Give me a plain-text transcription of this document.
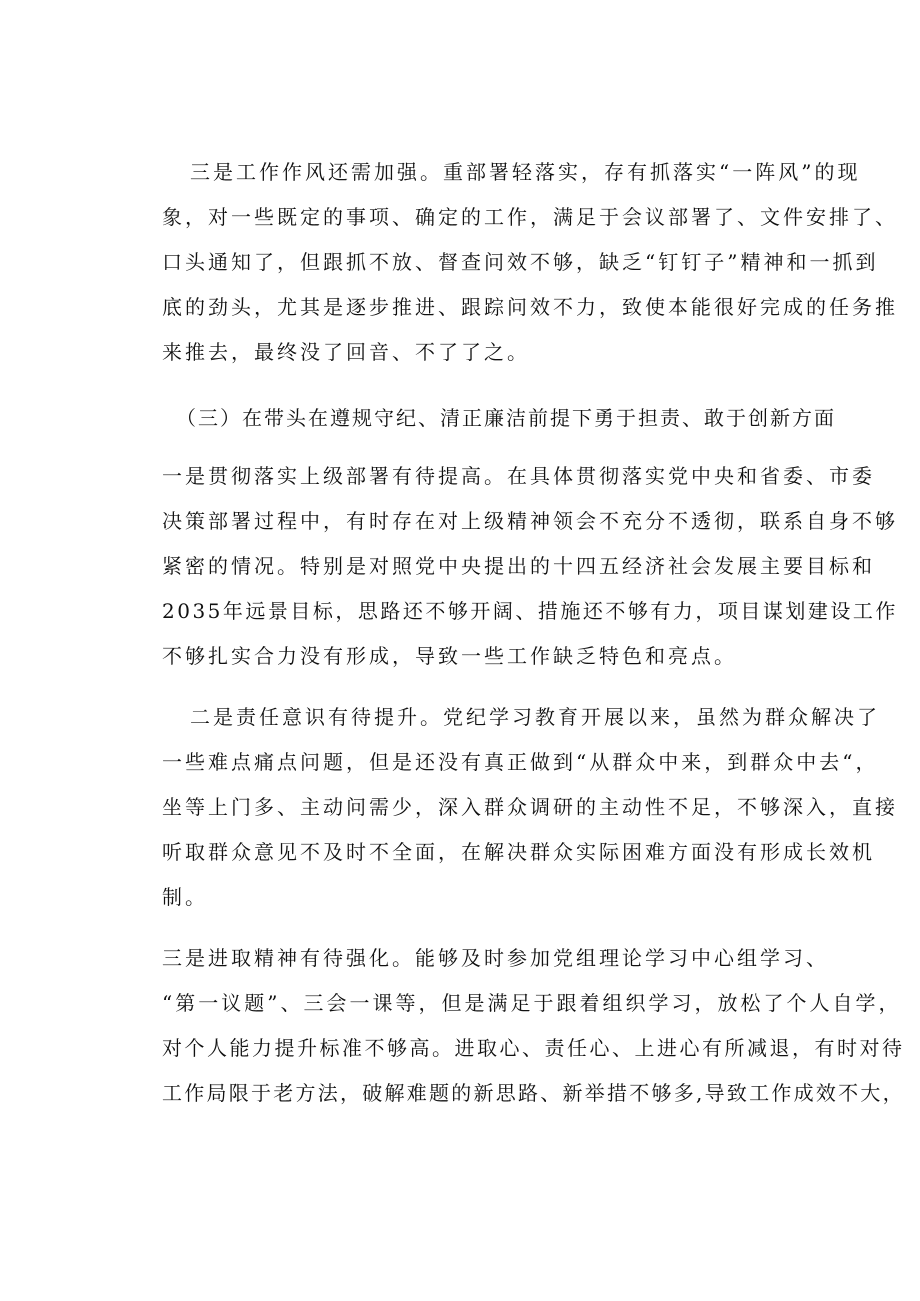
三是工作作风还需加强。重部署轻落实，存有抓落实“一阵风”的现
象，对一些既定的事项、确定的工作，满足于会议部署了、文件安排了、
口头通知了，但跟抓不放、督查问效不够，缺乏“钉钉子”精神和一抓到
底的劲头，尤其是逐步推进、跟踪问效不力，致使本能很好完成的任务推
来推去，最终没了回音、不了了之。
（三）在带头在遵规守纪、清正廉洁前提下勇于担责、敢于创新方面
一是贯彻落实上级部署有待提高。在具体贯彻落实党中央和省委、市委
决策部署过程中，有时存在对上级精神领会不充分不透彻，联系自身不够
紧密的情况。特别是对照党中央提出的十四五经济社会发展主要目标和
2035年远景目标，思路还不够开阔、措施还不够有力，项目谋划建设工作
不够扎实合力没有形成，导致一些工作缺乏特色和亮点。
二是责任意识有待提升。党纪学习教育开展以来，虽然为群众解决了
一些难点痛点问题，但是还没有真正做到“从群众中来，到群众中去“，
坐等上门多、主动问需少，深入群众调研的主动性不足，不够深入，直接
听取群众意见不及时不全面，在解决群众实际困难方面没有形成长效机
制。
三是进取精神有待强化。能够及时参加党组理论学习中心组学习、
“第一议题”、三会一课等，但是满足于跟着组织学习，放松了个人自学，
对个人能力提升标准不够高。进取心、责任心、上进心有所减退，有时对待
工作局限于老方法，破解难题的新思路、新举措不够多,导致工作成效不大，
